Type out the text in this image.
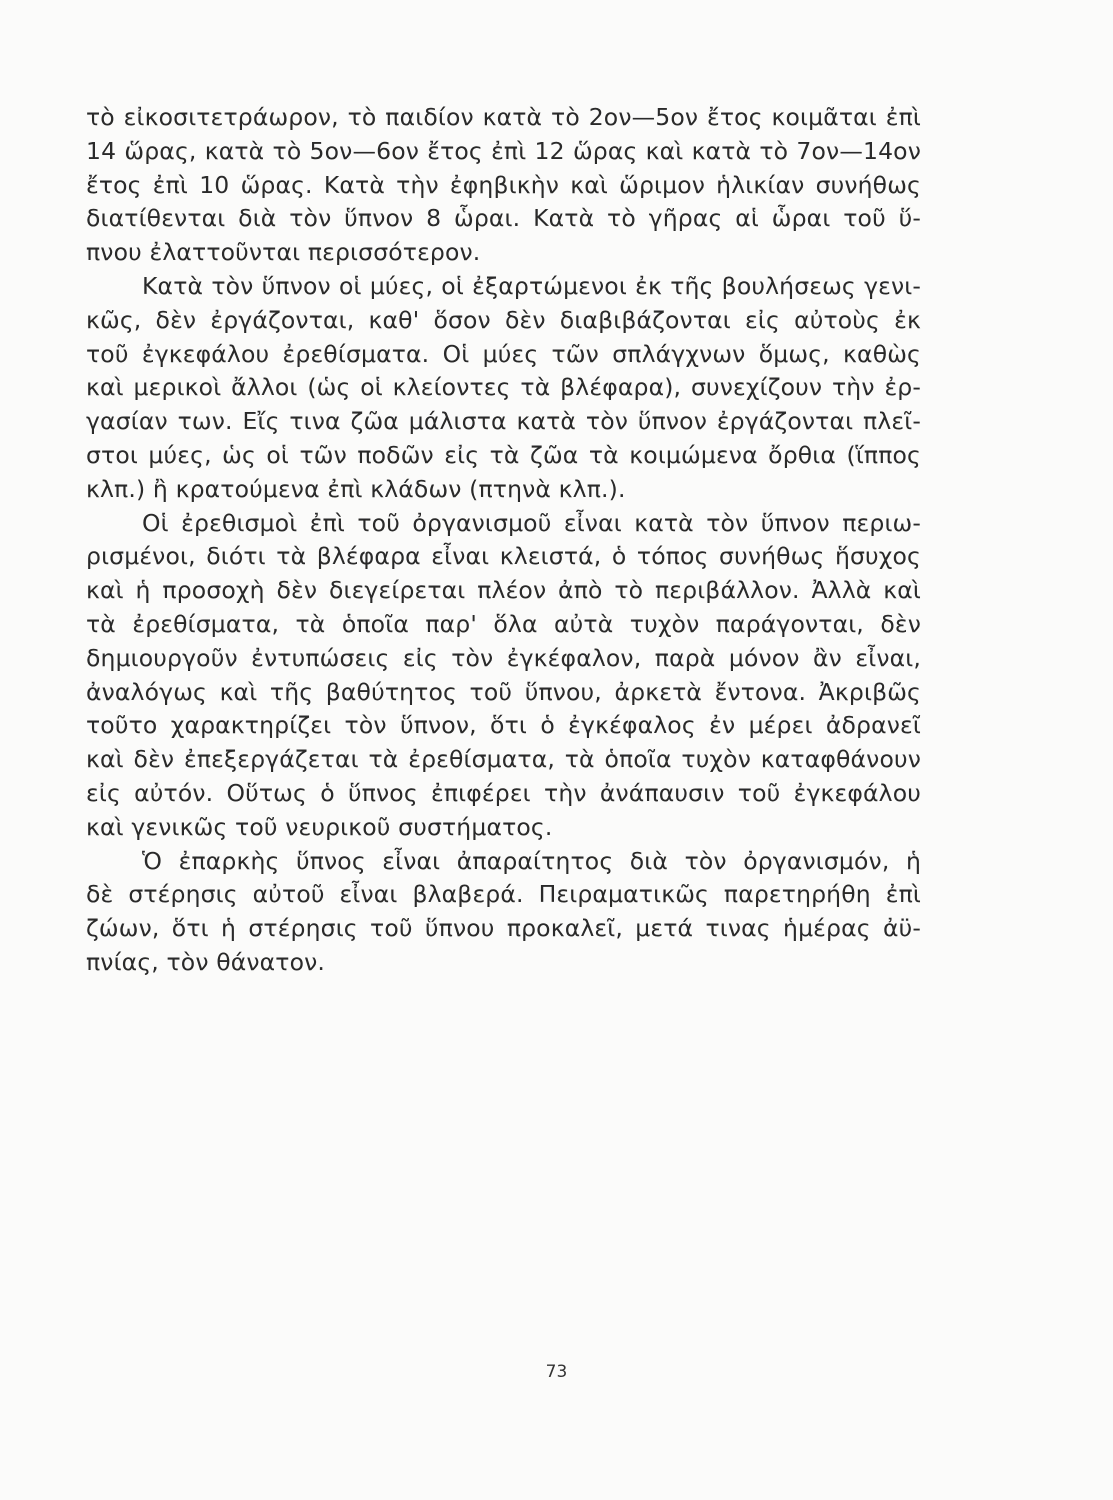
τὸ εἰκοσιτετράωρον, τὸ παιδίον κατὰ τὸ 2ον—5ον ἔτος κοιμᾶται ἐπὶ
14 ὥρας, κατὰ τὸ 5ον—6ον ἔτος ἐπὶ 12 ὥρας καὶ κατὰ τὸ 7ον—14ον
ἔτος ἐπὶ 10 ὥρας. Κατὰ τὴν ἐφηβικὴν καὶ ὥριμον ἡλικίαν συνήθως
διατίθενται διὰ τὸν ὕπνον 8 ὧραι. Κατὰ τὸ γῆρας αἱ ὧραι τοῦ ὕ-
πνου ἐλαττοῦνται περισσότερον.
Κατὰ τὸν ὕπνον οἱ μύες, οἱ ἐξαρτώμενοι ἐκ τῆς βουλήσεως γενι-
κῶς, δὲν ἐργάζονται, καθ' ὅσον δὲν διαβιβάζονται εἰς αὐτοὺς ἐκ
τοῦ ἐγκεφάλου ἐρεθίσματα. Οἱ μύες τῶν σπλάγχνων ὅμως, καθὼς
καὶ μερικοὶ ἄλλοι (ὡς οἱ κλείοντες τὰ βλέφαρα), συνεχίζουν τὴν ἐρ-
γασίαν των. Εἴς τινα ζῶα μάλιστα κατὰ τὸν ὕπνον ἐργάζονται πλεῖ-
στοι μύες, ὡς οἱ τῶν ποδῶν εἰς τὰ ζῶα τὰ κοιμώμενα ὄρθια (ἵππος
κλπ.) ἢ κρατούμενα ἐπὶ κλάδων (πτηνὰ κλπ.).
Οἱ ἐρεθισμοὶ ἐπὶ τοῦ ὀργανισμοῦ εἶναι κατὰ τὸν ὕπνον περιω-
ρισμένοι, διότι τὰ βλέφαρα εἶναι κλειστά, ὁ τόπος συνήθως ἥσυχος
καὶ ἡ προσοχὴ δὲν διεγείρεται πλέον ἀπὸ τὸ περιβάλλον. Ἀλλὰ καὶ
τὰ ἐρεθίσματα, τὰ ὁποῖα παρ' ὅλα αὐτὰ τυχὸν παράγονται, δὲν
δημιουργοῦν ἐντυπώσεις εἰς τὸν ἐγκέφαλον, παρὰ μόνον ἂν εἶναι,
ἀναλόγως καὶ τῆς βαθύτητος τοῦ ὕπνου, ἀρκετὰ ἔντονα. Ἀκριβῶς
τοῦτο χαρακτηρίζει τὸν ὕπνον, ὅτι ὁ ἐγκέφαλος ἐν μέρει ἀδρανεῖ
καὶ δὲν ἐπεξεργάζεται τὰ ἐρεθίσματα, τὰ ὁποῖα τυχὸν καταφθάνουν
εἰς αὐτόν. Οὕτως ὁ ὕπνος ἐπιφέρει τὴν ἀνάπαυσιν τοῦ ἐγκεφάλου
καὶ γενικῶς τοῦ νευρικοῦ συστήματος.
Ὁ ἐπαρκὴς ὕπνος εἶναι ἀπαραίτητος διὰ τὸν ὀργανισμόν, ἡ
δὲ στέρησις αὐτοῦ εἶναι βλαβερά. Πειραματικῶς παρετηρήθη ἐπὶ
ζώων, ὅτι ἡ στέρησις τοῦ ὕπνου προκαλεῖ, μετά τινας ἡμέρας ἀϋ-
πνίας, τὸν θάνατον.
73
